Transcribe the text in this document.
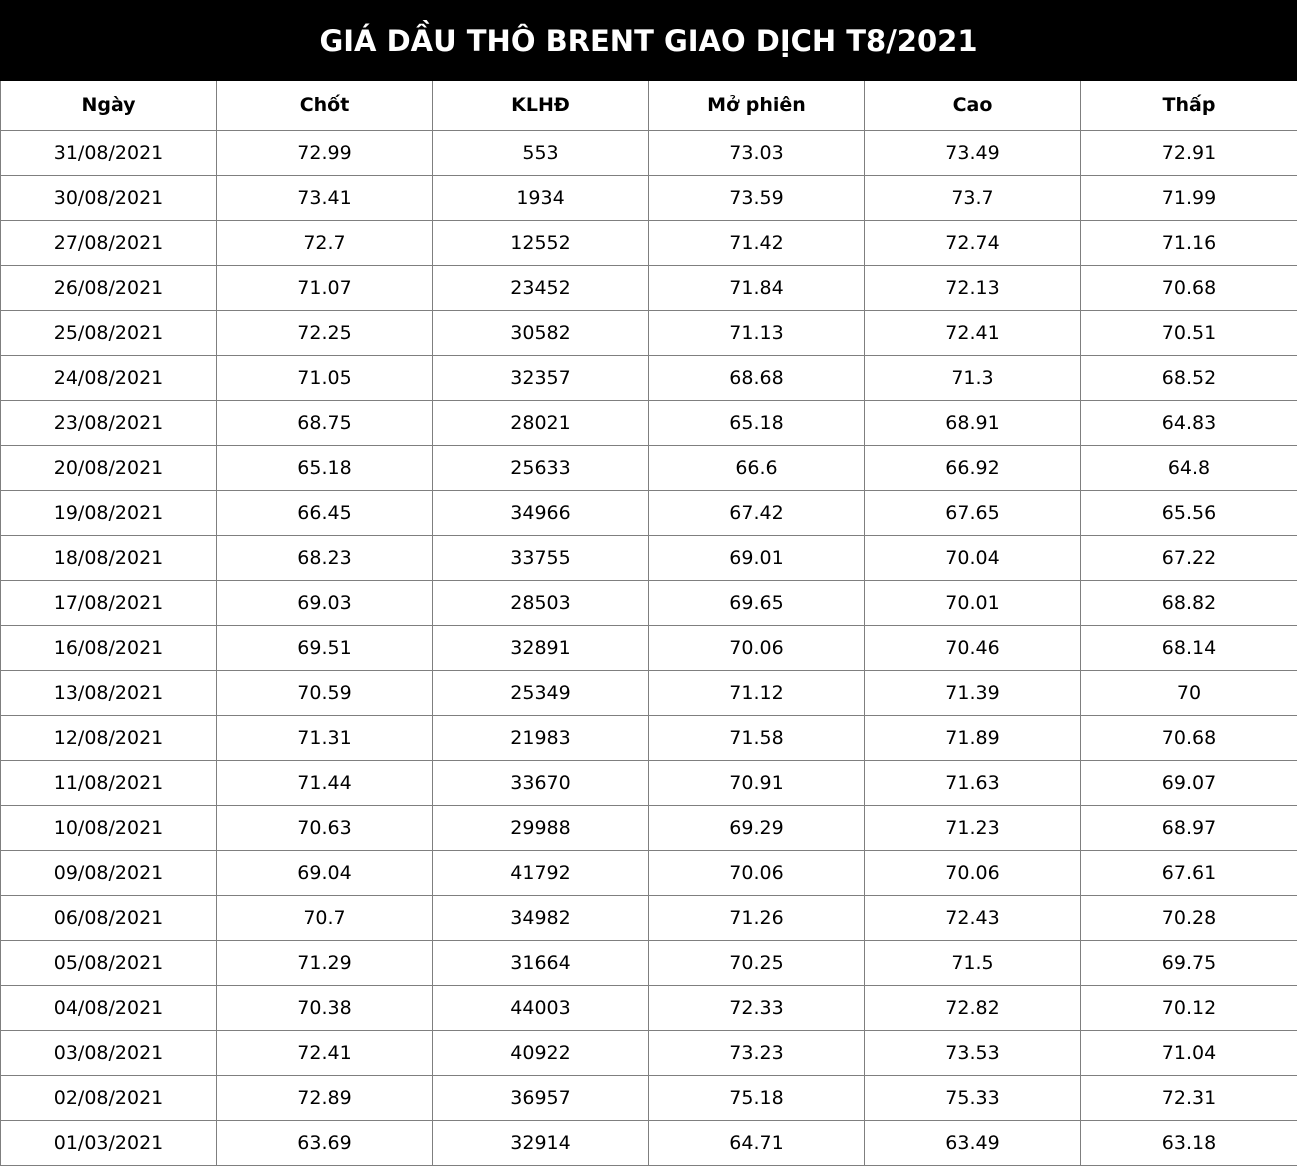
GIÁ DẦU THÔ BRENT GIAO DỊCH T8/2021
Ngày	Chốt	KLHĐ	Mở phiên	Cao	Thấp
31/08/2021	72.99	553	73.03	73.49	72.91
30/08/2021	73.41	1934	73.59	73.7	71.99
27/08/2021	72.7	12552	71.42	72.74	71.16
26/08/2021	71.07	23452	71.84	72.13	70.68
25/08/2021	72.25	30582	71.13	72.41	70.51
24/08/2021	71.05	32357	68.68	71.3	68.52
23/08/2021	68.75	28021	65.18	68.91	64.83
20/08/2021	65.18	25633	66.6	66.92	64.8
19/08/2021	66.45	34966	67.42	67.65	65.56
18/08/2021	68.23	33755	69.01	70.04	67.22
17/08/2021	69.03	28503	69.65	70.01	68.82
16/08/2021	69.51	32891	70.06	70.46	68.14
13/08/2021	70.59	25349	71.12	71.39	70
12/08/2021	71.31	21983	71.58	71.89	70.68
11/08/2021	71.44	33670	70.91	71.63	69.07
10/08/2021	70.63	29988	69.29	71.23	68.97
09/08/2021	69.04	41792	70.06	70.06	67.61
06/08/2021	70.7	34982	71.26	72.43	70.28
05/08/2021	71.29	31664	70.25	71.5	69.75
04/08/2021	70.38	44003	72.33	72.82	70.12
03/08/2021	72.41	40922	73.23	73.53	71.04
02/08/2021	72.89	36957	75.18	75.33	72.31
01/03/2021	63.69	32914	64.71	63.49	63.18
